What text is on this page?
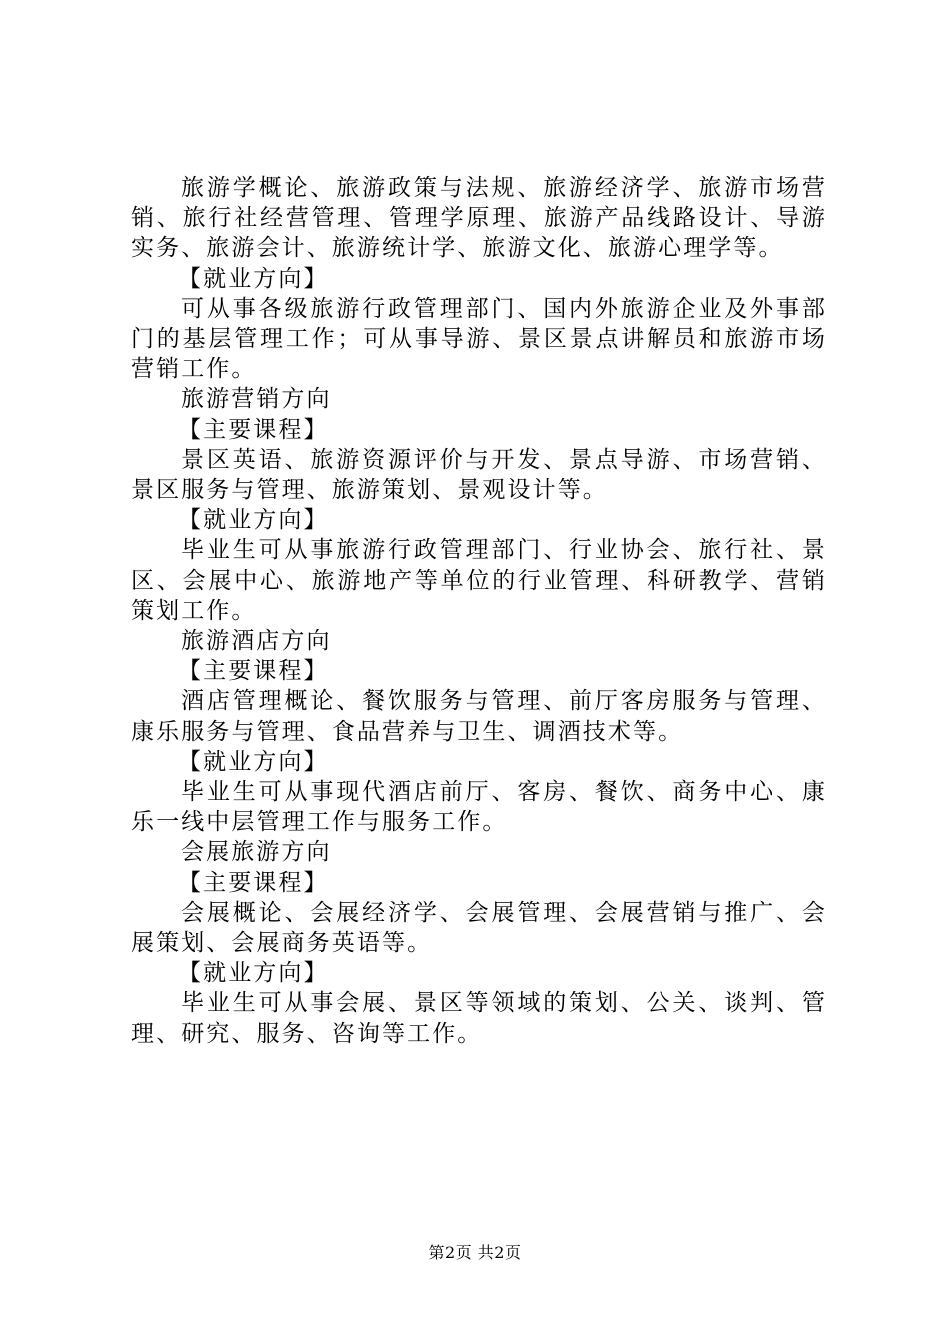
旅游学概论、旅游政策与法规、旅游经济学、旅游市场营销、旅行社经营管理、管理学原理、旅游产品线路设计、导游实务、旅游会计、旅游统计学、旅游文化、旅游心理学等。

【就业方向】

可从事各级旅游行政管理部门、国内外旅游企业及外事部门的基层管理工作；可从事导游、景区景点讲解员和旅游市场营销工作。

旅游营销方向

【主要课程】

景区英语、旅游资源评价与开发、景点导游、市场营销、景区服务与管理、旅游策划、景观设计等。

【就业方向】

毕业生可从事旅游行政管理部门、行业协会、旅行社、景区、会展中心、旅游地产等单位的行业管理、科研教学、营销策划工作。

旅游酒店方向

【主要课程】

酒店管理概论、餐饮服务与管理、前厅客房服务与管理、康乐服务与管理、食品营养与卫生、调酒技术等。

【就业方向】

毕业生可从事现代酒店前厅、客房、餐饮、商务中心、康乐一线中层管理工作与服务工作。

会展旅游方向

【主要课程】

会展概论、会展经济学、会展管理、会展营销与推广、会展策划、会展商务英语等。

【就业方向】

毕业生可从事会展、景区等领域的策划、公关、谈判、管理、研究、服务、咨询等工作。

第2页 共2页
